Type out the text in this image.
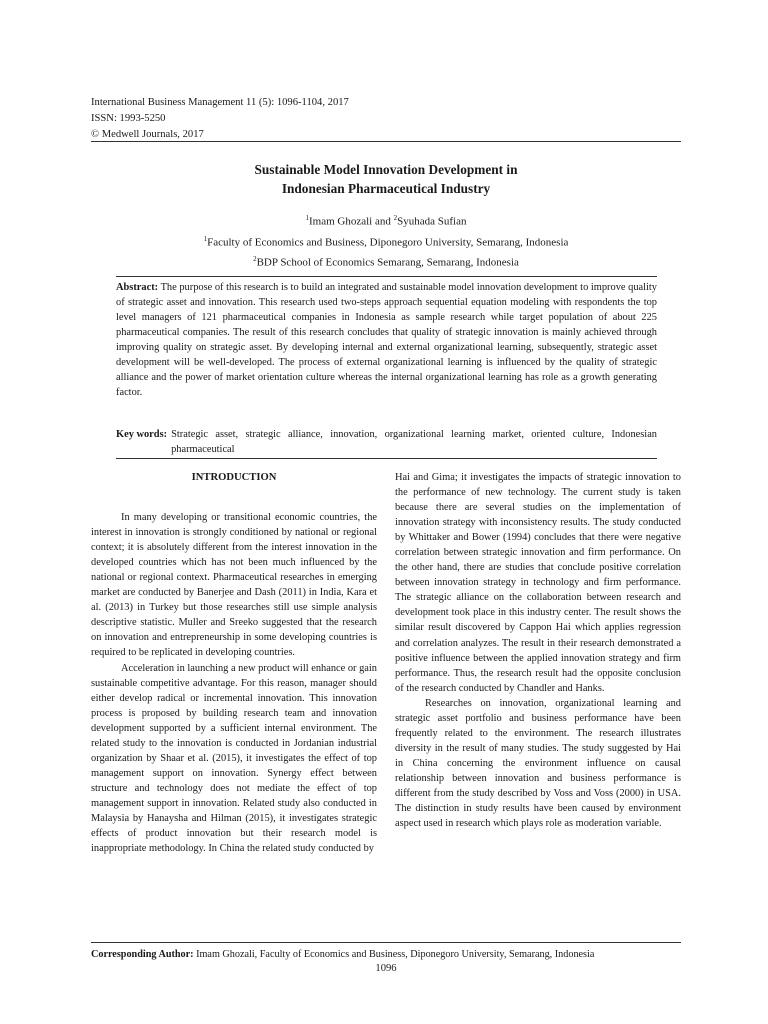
International Business Management 11 (5): 1096-1104, 2017
ISSN: 1993-5250
© Medwell Journals, 2017
Sustainable Model Innovation Development in
Indonesian Pharmaceutical Industry
$^1$Imam Ghozali and $^2$Syuhada Sufian
$^1$Faculty of Economics and Business, Diponegoro University, Semarang, Indonesia
$^2$BDP School of Economics Semarang, Semarang, Indonesia
Abstract: The purpose of this research is to build an integrated and sustainable model innovation development to improve quality of strategic asset and innovation. This research used two-steps approach sequential equation modeling with respondents the top level managers of 121 pharmaceutical companies in Indonesia as sample research while target population of about 225 pharmaceutical companies. The result of this research concludes that quality of strategic innovation is mainly achieved through improving quality on strategic asset. By developing internal and external organizational learning, subsequently, strategic asset development will be well-developed. The process of external organizational learning is influenced by the quality of strategic alliance and the power of market orientation culture whereas the internal organizational learning has role as a growth generating factor.
Key words: Strategic asset, strategic alliance, innovation, organizational learning market, oriented culture, Indonesian pharmaceutical
INTRODUCTION

In many developing or transitional economic countries, the interest in innovation is strongly conditioned by national or regional context; it is absolutely different from the interest innovation in the developed countries which has not been much influenced by the national or regional context. Pharmaceutical researches in emerging market are conducted by Banerjee and Dash (2011) in India, Kara et al. (2013) in Turkey but those researches still use simple analysis descriptive statistic. Muller and Sreeko suggested that the research on innovation and entrepreneurship in some developing countries is required to be replicated in developing countries.

Acceleration in launching a new product will enhance or gain sustainable competitive advantage. For this reason, manager should either develop radical or incremental innovation. This innovation process is proposed by building research team and innovation development supported by a sufficient internal environment. The related study to the innovation is conducted in Jordanian industrial organization by Shaar et al. (2015), it investigates the effect of top management support on innovation. Synergy effect between structure and technology does not mediate the effect of top management support in innovation. Related study also conducted in Malaysia by Hanaysha and Hilman (2015), it investigates strategic effects of product innovation but their research model is inappropriate methodology. In China the related study conducted by

Hai and Gima; it investigates the impacts of strategic innovation to the performance of new technology. The current study is taken because there are several studies on the implementation of innovation strategy with inconsistency results. The study conducted by Whittaker and Bower (1994) concludes that there were negative correlation between strategic innovation and firm performance. On the other hand, there are studies that conclude positive correlation between innovation strategy in technology and firm performance. The strategic alliance on the collaboration between research and development took place in this industry center. The result shows the similar result discovered by Cappon Hai which applies regression and correlation analyzes. The result in their research demonstrated a positive influence between the applied innovation strategy and firm performance. Thus, the research result had the opposite conclusion of the research conducted by Chandler and Hanks.

Researches on innovation, organizational learning and strategic asset portfolio and business performance have been frequently related to the environment. The research illustrates diversity in the result of many studies. The study suggested by Hai in China concerning the environment influence on causal relationship between innovation and business performance is different from the study described by Voss and Voss (2000) in USA. The distinction in study results have been caused by environment aspect used in research which plays role as moderation variable.

Corresponding Author: Imam Ghozali, Faculty of Economics and Business, Diponegoro University, Semarang, Indonesia
1096
